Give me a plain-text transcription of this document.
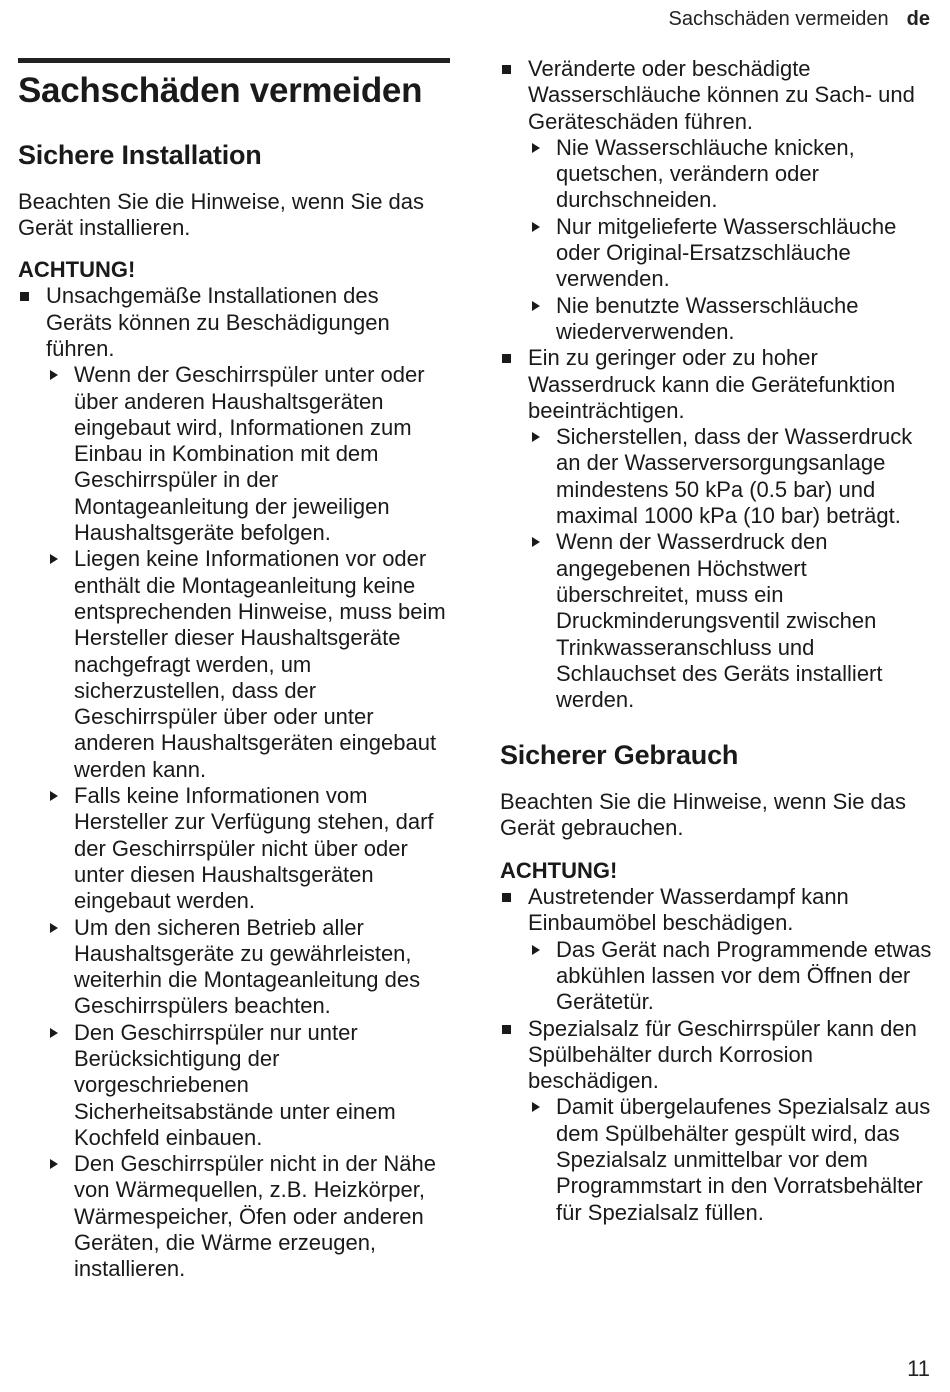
Sachschäden vermeiden de
Sachschäden vermeiden
Sichere Installation

Beachten Sie die Hinweise, wenn Sie das Gerät installieren.

ACHTUNG!

Unsachgemäße Installationen des Geräts können zu Beschädigungen führen.
Wenn der Geschirrspüler unter oder über anderen Haushaltsgeräten eingebaut wird, Informationen zum Einbau in Kombination mit dem Geschirrspüler in der Montageanleitung der jeweiligen Haushaltsgeräte befolgen.
Liegen keine Informationen vor oder enthält die Montageanleitung keine entsprechenden Hinweise, muss beim Hersteller dieser Haushaltsgeräte nachgefragt werden, um sicherzustellen, dass der Geschirrspüler über oder unter anderen Haushaltsgeräten eingebaut werden kann.
Falls keine Informationen vom Hersteller zur Verfügung stehen, darf der Geschirrspüler nicht über oder unter diesen Haushaltsgeräten eingebaut werden.
Um den sicheren Betrieb aller Haushaltsgeräte zu gewährleisten, weiterhin die Montageanleitung des Geschirrspülers beachten.
Den Geschirrspüler nur unter Berücksichtigung der vorgeschriebenen Sicherheitsabstände unter einem Kochfeld einbauen.
Den Geschirrspüler nicht in der Nähe von Wärmequellen, z.B. Heizkörper, Wärmespeicher, Öfen oder anderen Geräten, die Wärme erzeugen, installieren.
Veränderte oder beschädigte Wasserschläuche können zu Sach- und Geräteschäden führen.
Nie Wasserschläuche knicken, quetschen, verändern oder durchschneiden.
Nur mitgelieferte Wasserschläuche oder Original-Ersatzschläuche verwenden.
Nie benutzte Wasserschläuche wiederverwenden.
Ein zu geringer oder zu hoher Wasserdruck kann die Gerätefunktion beeinträchtigen.
Sicherstellen, dass der Wasserdruck an der Wasserversorgungsanlage mindestens 50 kPa (0.5 bar) und maximal 1000 kPa (10 bar) beträgt.
Wenn der Wasserdruck den angegebenen Höchstwert überschreitet, muss ein Druckminderungsventil zwischen Trinkwasseranschluss und Schlauchset des Geräts installiert werden.
Sicherer Gebrauch

Beachten Sie die Hinweise, wenn Sie das Gerät gebrauchen.

ACHTUNG!

Austretender Wasserdampf kann Einbaumöbel beschädigen.
Das Gerät nach Programmende etwas abkühlen lassen vor dem Öffnen der Gerätetür.
Spezialsalz für Geschirrspüler kann den Spülbehälter durch Korrosion beschädigen.
Damit übergelaufenes Spezialsalz aus dem Spülbehälter gespült wird, das Spezialsalz unmittelbar vor dem Programmstart in den Vorratsbehälter für Spezialsalz füllen.
11
